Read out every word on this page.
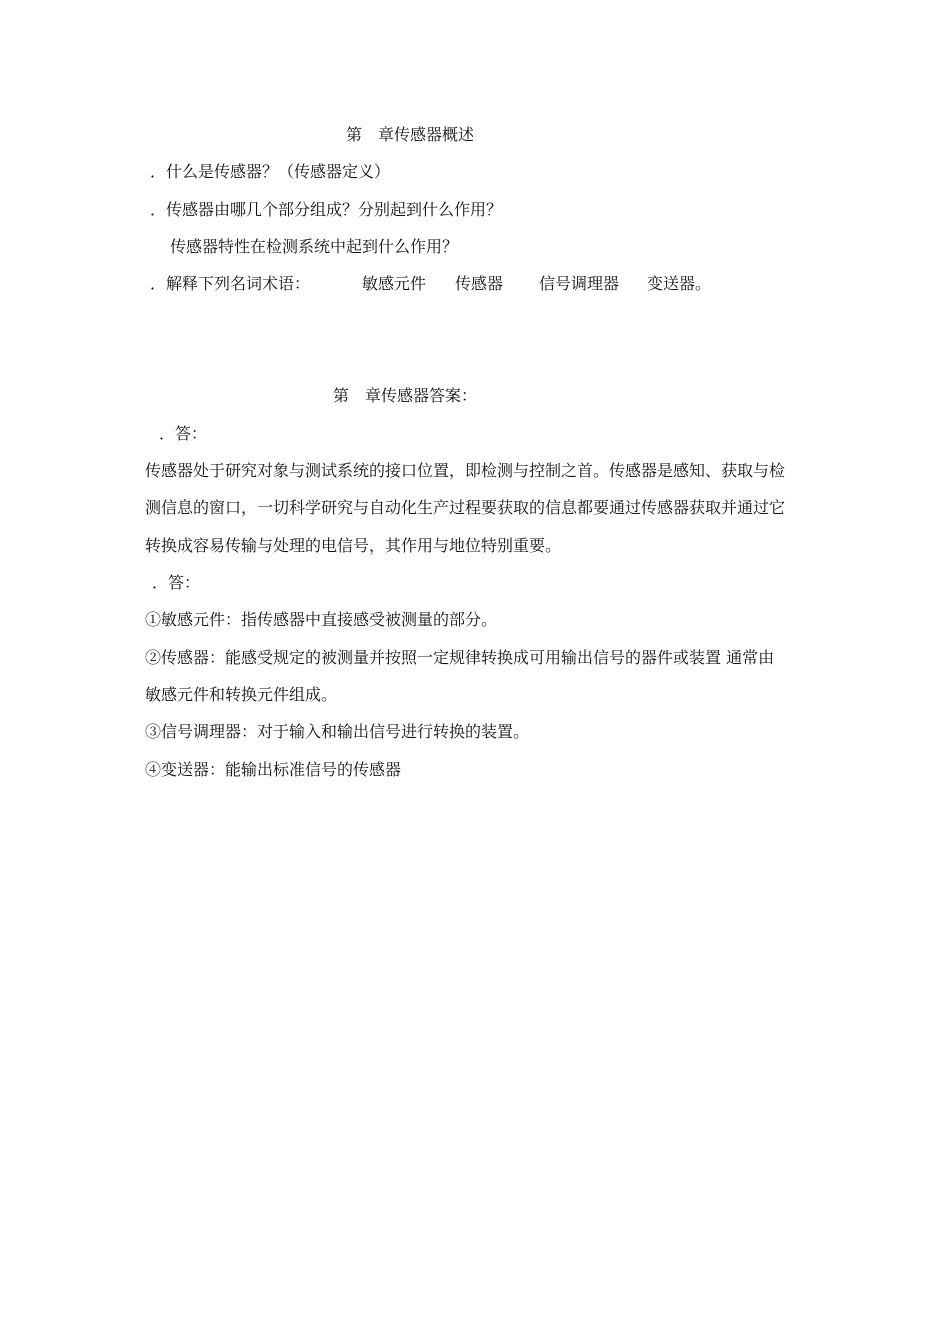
第　章传感器概述
．什么是传感器？（传感器定义）
．传感器由哪几个部分组成？分别起到什么作用？
传感器特性在检测系统中起到什么作用？
．解释下列名词术语：	敏感元件 传感器 信号调理器 变送器。
第　章传感器答案：
．答：
传感器处于研究对象与测试系统的接口位置，即检测与控制之首。传感器是感知、获取与检
测信息的窗口，一切科学研究与自动化生产过程要获取的信息都要通过传感器获取并通过它
转换成容易传输与处理的电信号，其作用与地位特别重要。
．答：
①敏感元件：指传感器中直接感受被测量的部分。
②传感器：能感受规定的被测量并按照一定规律转换成可用输出信号的器件或装置 通常由
敏感元件和转换元件组成。
③信号调理器：对于输入和输出信号进行转换的装置。
④变送器：能输出标准信号的传感器
